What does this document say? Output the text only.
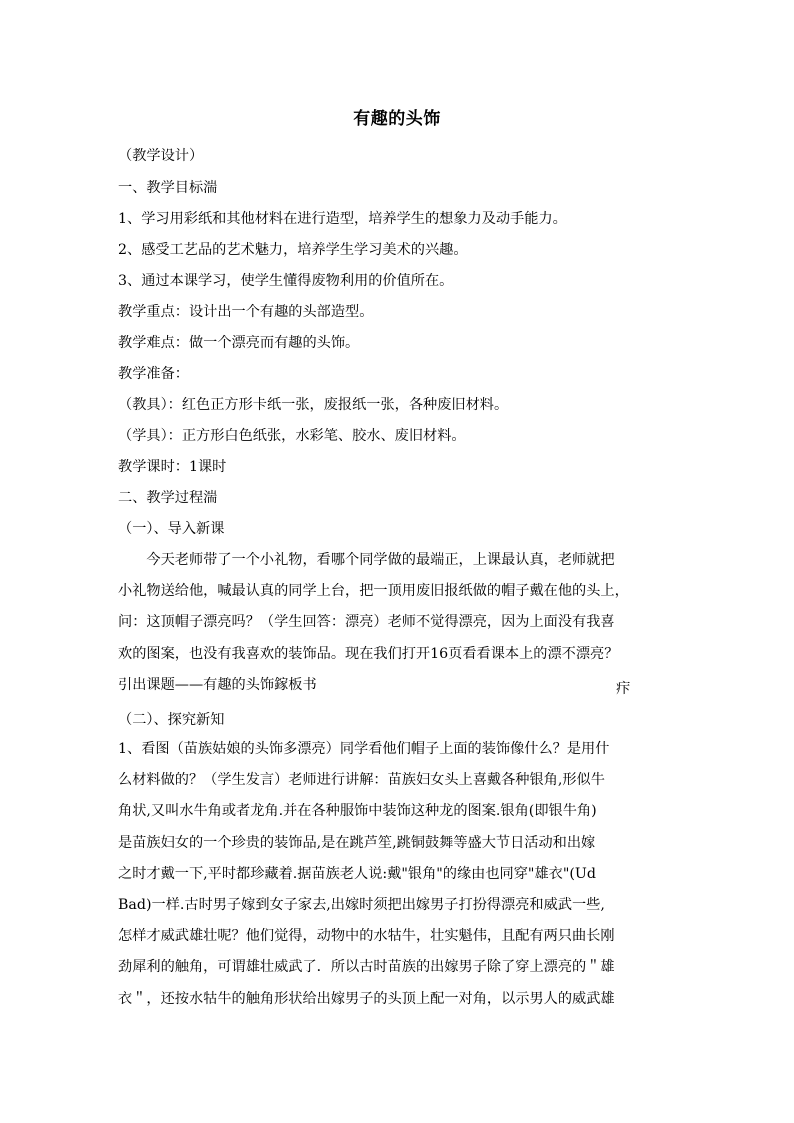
有趣的头饰
（教学设计）
一、教学目标湍
1、学习用彩纸和其他材料在进行造型，培养学生的想象力及动手能力。
2、感受工艺品的艺术魅力，培养学生学习美术的兴趣。
3、通过本课学习，使学生懂得废物利用的价值所在。
教学重点：设计出一个有趣的头部造型。
教学难点：做一个漂亮而有趣的头饰。
教学准备：
（教具）：红色正方形卡纸一张，废报纸一张，各种废旧材料。
（学具）：正方形白色纸张，水彩笔、胶水、废旧材料。
教学课时：1课时
二、教学过程湍
（一）、导入新课
　　今天老师带了一个小礼物，看哪个同学做的最端正，上课最认真，老师就把
小礼物送给他，喊最认真的同学上台，把一顶用废旧报纸做的帽子戴在他的头上，
问：这顶帽子漂亮吗？（学生回答：漂亮）老师不觉得漂亮，因为上面没有我喜
欢的图案，也没有我喜欢的装饰品。现在我们打开16页看看课本上的漂不漂亮？
引出课题——有趣的头饰鎵板书	疜
（二）、探究新知
1、看图（苗族姑娘的头饰多漂亮）同学看他们帽子上面的装饰像什么？是用什
么材料做的？（学生发言）老师进行讲解：苗族妇女头上喜戴各种银角,形似牛
角状,又叫水牛角或者龙角.并在各种服饰中装饰这种龙的图案.银角(即银牛角)
是苗族妇女的一个珍贵的装饰品,是在跳芦笙,跳铜鼓舞等盛大节日活动和出嫁
之时才戴一下,平时都珍藏着.据苗族老人说:戴"银角"的缘由也同穿"雄衣"(Ud
Bad)一样.古时男子嫁到女子家去,出嫁时须把出嫁男子打扮得漂亮和威武一些,
怎样才威武雄壮呢？他们觉得，动物中的水牯牛，壮实魁伟，且配有两只曲长刚
劲犀利的触角，可谓雄壮威武了．所以古时苗族的出嫁男子除了穿上漂亮的＂雄
衣＂，还按水牯牛的触角形状给出嫁男子的头顶上配一对角，以示男人的威武雄
